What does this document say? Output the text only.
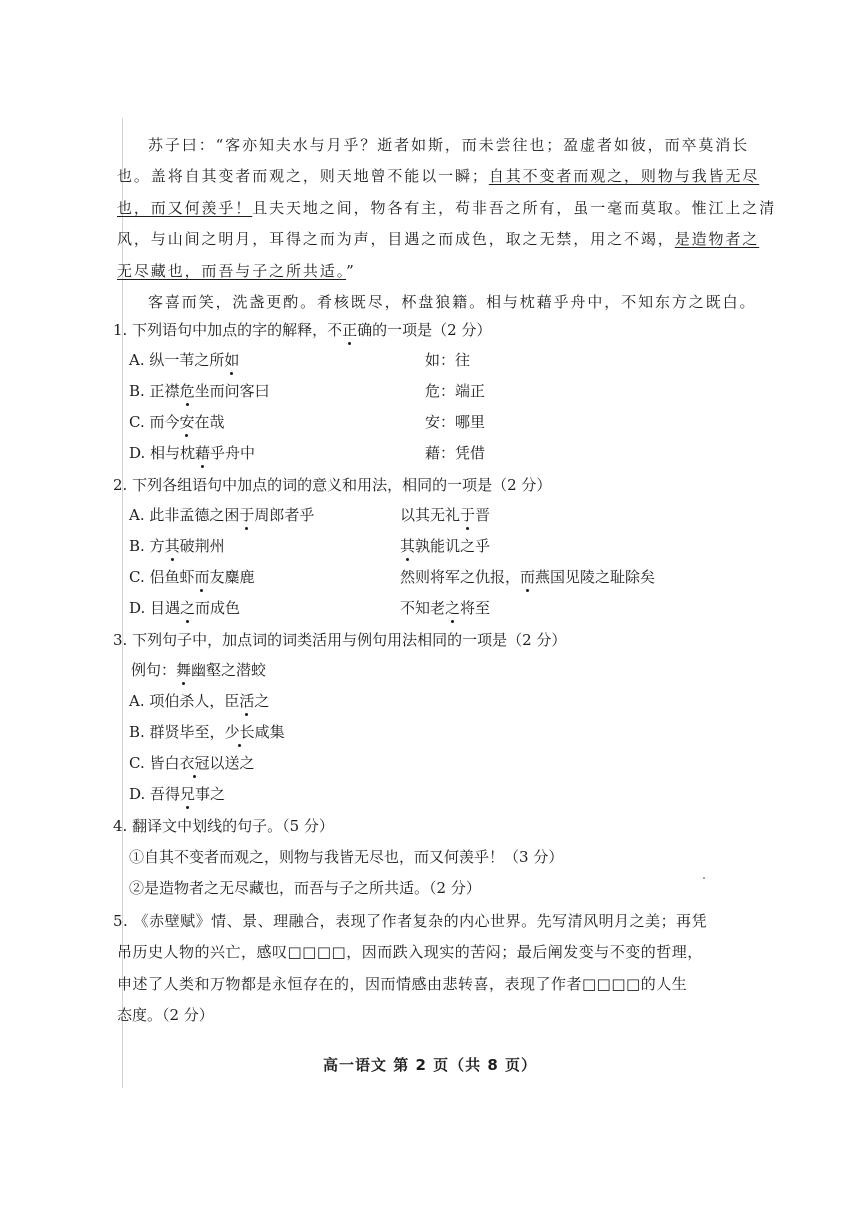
苏子曰：“客亦知夫水与月乎？逝者如斯，而未尝往也；盈虚者如彼，而卒莫消长
也。盖将自其变者而观之，则天地曾不能以一瞬；自其不变者而观之，则物与我皆无尽
也，而又何羡乎！且夫天地之间，物各有主，苟非吾之所有，虽一毫而莫取。惟江上之清
风，与山间之明月，耳得之而为声，目遇之而成色，取之无禁，用之不竭，是造物者之
无尽藏也，而吾与子之所共适。”
客喜而笑，洗盏更酌。肴核既尽，杯盘狼籍。相与枕藉乎舟中，不知东方之既白。
1. 下列语句中加点的字的解释，不正确的一项是（2 分）
A. 纵一苇之所如	如：往
B. 正襟危坐而问客曰	危：端正
C. 而今安在哉	安：哪里
D. 相与枕藉乎舟中	藉：凭借
2. 下列各组语句中加点的词的意义和用法，相同的一项是（2 分）
A. 此非孟德之困于周郎者乎	以其无礼于晋
B. 方其破荆州	其孰能讥之乎
C. 侣鱼虾而友麋鹿	然则将军之仇报，而燕国见陵之耻除矣
D. 目遇之而成色	不知老之将至
3. 下列句子中，加点词的词类活用与例句用法相同的一项是（2 分）
例句：舞幽壑之潜蛟
A. 项伯杀人，臣活之
B. 群贤毕至，少长咸集
C. 皆白衣冠以送之
D. 吾得兄事之
4. 翻译文中划线的句子。（5 分）
①自其不变者而观之，则物与我皆无尽也，而又何羡乎！（3 分）
②是造物者之无尽藏也，而吾与子之所共适。（2 分）
5. 《赤壁赋》情、景、理融合，表现了作者复杂的内心世界。先写清风明月之美；再凭
吊历史人物的兴亡，感叹□□□□，因而跌入现实的苦闷；最后阐发变与不变的哲理，
申述了人类和万物都是永恒存在的，因而情感由悲转喜，表现了作者□□□□的人生
态度。（2 分）
高一语文 第 2 页（共 8 页）
